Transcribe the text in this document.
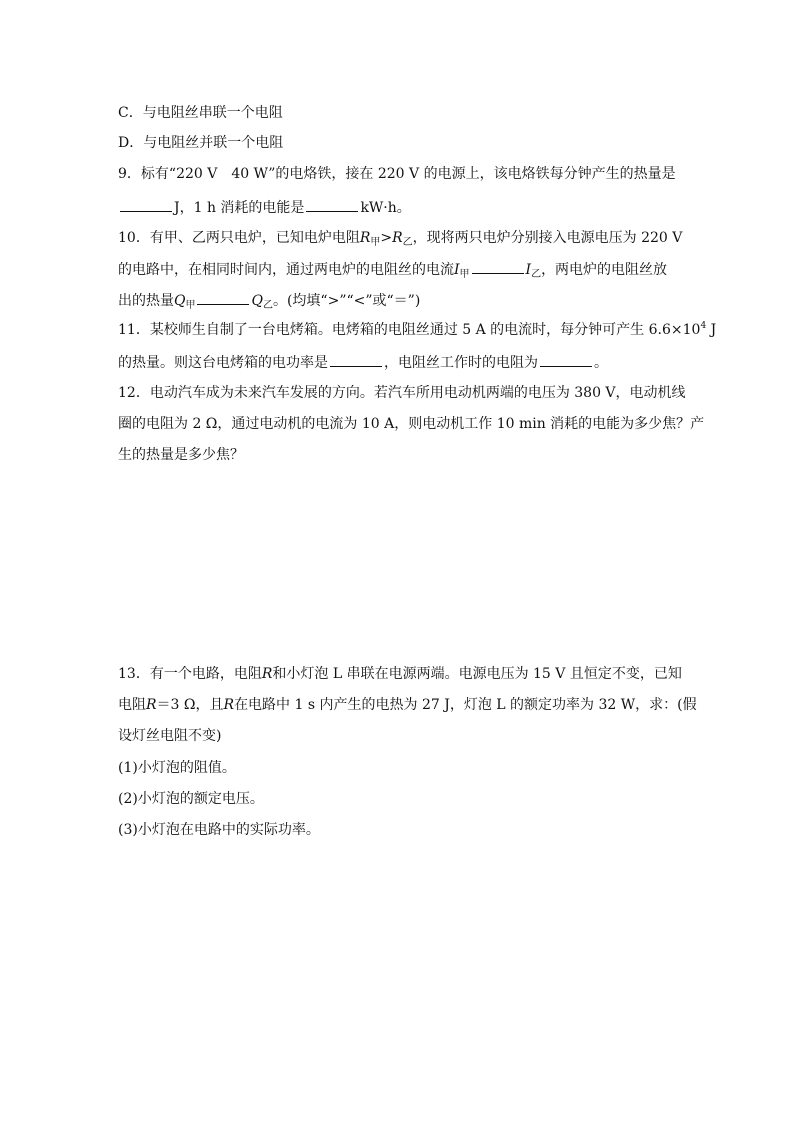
C．与电阻丝串联一个电阻
D．与电阻丝并联一个电阻
9．标有“220 V　40 W”的电烙铁，接在 220 V 的电源上，该电烙铁每分钟产生的热量是
J，1 h 消耗的电能是	kW·h。
10．有甲、乙两只电炉，已知电炉电阻$R_甲>R_乙$，现将两只电炉分别接入电源电压为 220 V
的电路中，在相同时间内，通过两电炉的电阻丝的电流$I_甲$	$I_乙$，两电炉的电阻丝放
出的热量$Q_甲$	$Q_乙$。(均填“>”“<”或“＝”)
11．某校师生自制了一台电烤箱。电烤箱的电阻丝通过 5 A 的电流时，每分钟可产生 $6.6\times 10^4$ J
的热量。则这台电烤箱的电功率是	，电阻丝工作时的电阻为	。
12．电动汽车成为未来汽车发展的方向。若汽车所用电动机两端的电压为 380 V，电动机线
圈的电阻为 2 Ω，通过电动机的电流为 10 A，则电动机工作 10 min 消耗的电能为多少焦？产
生的热量是多少焦？
13．有一个电路，电阻R和小灯泡 L 串联在电源两端。电源电压为 15 V 且恒定不变，已知
电阻R＝3 Ω，且R在电路中 1 s 内产生的电热为 27 J，灯泡 L 的额定功率为 32 W，求：(假
设灯丝电阻不变)
(1)小灯泡的阻值。
(2)小灯泡的额定电压。
(3)小灯泡在电路中的实际功率。
